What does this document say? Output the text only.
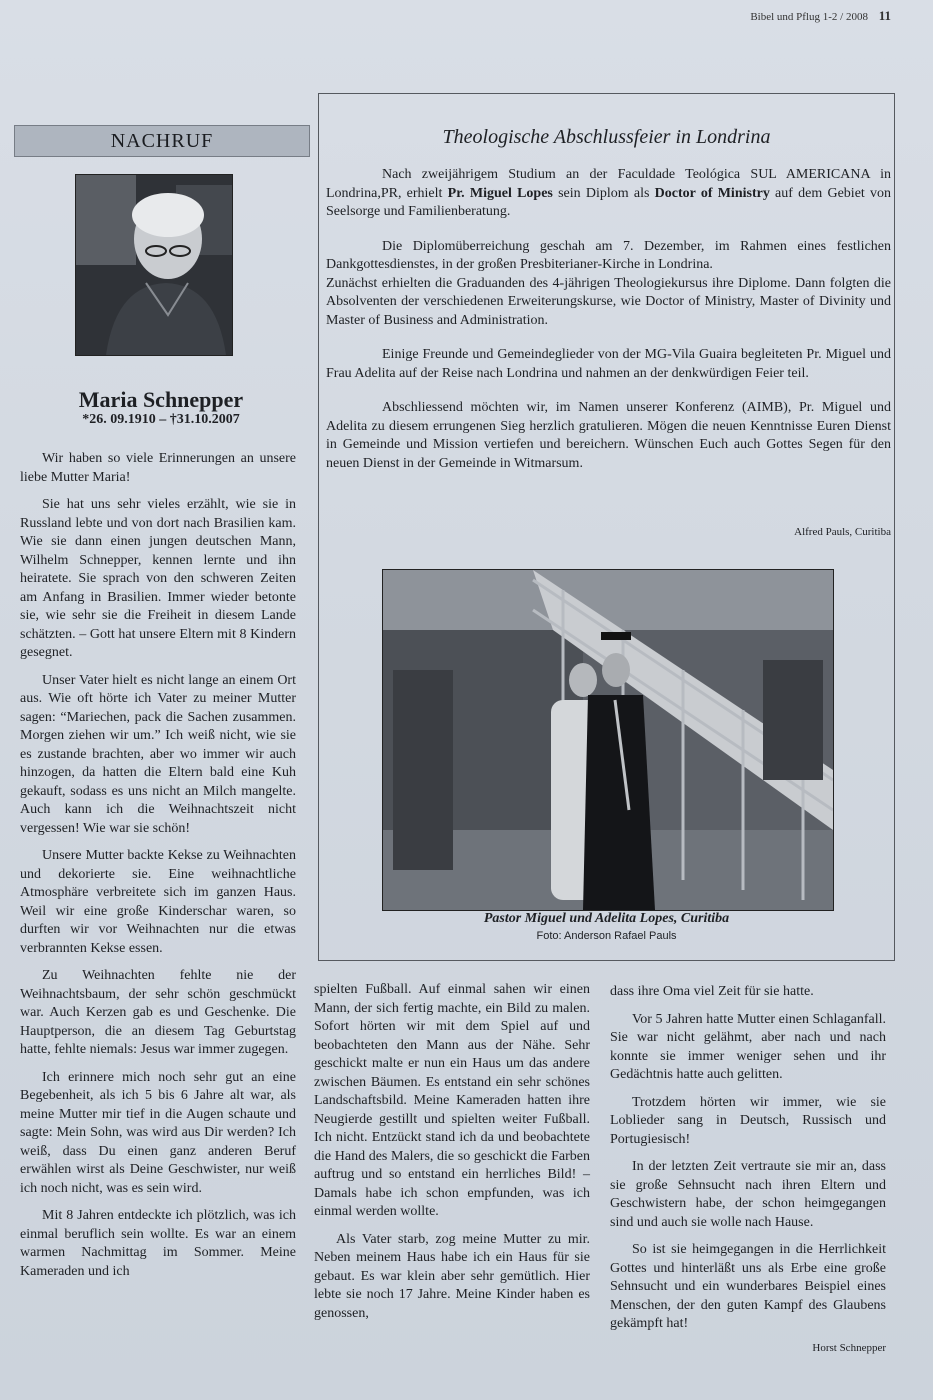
Bibel und Pflug 1-2 / 2008 11
NACHRUF
Maria Schnepper
*26. 09.1910 – †31.10.2007

Wir haben so viele Erinnerungen an unsere liebe Mutter Maria!

Sie hat uns sehr vieles erzählt, wie sie in Russland lebte und von dort nach Brasilien kam. Wie sie dann einen jungen deutschen Mann, Wilhelm Schnepper, kennen lernte und ihn heiratete. Sie sprach von den schweren Zeiten am Anfang in Brasilien. Immer wieder betonte sie, wie sehr sie die Freiheit in diesem Lande schätzten. – Gott hat unsere Eltern mit 8 Kindern gesegnet.

Unser Vater hielt es nicht lange an einem Ort aus. Wie oft hörte ich Vater zu meiner Mutter sagen: “Mariechen, pack die Sachen zusammen. Morgen ziehen wir um.” Ich weiß nicht, wie sie es zustande brachten, aber wo immer wir auch hinzogen, da hatten die Eltern bald eine Kuh gekauft, sodass es uns nicht an Milch mangelte. Auch kann ich die Weihnachtszeit nicht vergessen! Wie war sie schön!

Unsere Mutter backte Kekse zu Weihnachten und dekorierte sie. Eine weihnachtliche Atmosphäre verbreitete sich im ganzen Haus. Weil wir eine große Kinderschar waren, so durften wir vor Weihnachten nur die etwas verbrannten Kekse essen.

Zu Weihnachten fehlte nie der Weihnachtsbaum, der sehr schön geschmückt war. Auch Kerzen gab es und Geschenke. Die Hauptperson, die an diesem Tag Geburtstag hatte, fehlte niemals: Jesus war immer zugegen.

Ich erinnere mich noch sehr gut an eine Begebenheit, als ich 5 bis 6 Jahre alt war, als meine Mutter mir tief in die Augen schaute und sagte: Mein Sohn, was wird aus Dir werden? Ich weiß, dass Du einen ganz anderen Beruf erwählen wirst als Deine Geschwister, nur weiß ich noch nicht, was es sein wird.

Mit 8 Jahren entdeckte ich plötzlich, was ich einmal beruflich sein wollte. Es war an einem warmen Nachmittag im Sommer. Meine Kameraden und ich

spielten Fußball. Auf einmal sahen wir einen Mann, der sich fertig machte, ein Bild zu malen. Sofort hörten wir mit dem Spiel auf und beobachteten den Mann aus der Nähe. Sehr geschickt malte er nun ein Haus um das andere zwischen Bäumen. Es entstand ein sehr schönes Landschaftsbild. Meine Kameraden hatten ihre Neugierde gestillt und spielten weiter Fußball. Ich nicht. Entzückt stand ich da und beobachtete die Hand des Malers, die so geschickt die Farben auftrug und so entstand ein herrliches Bild! – Damals habe ich schon empfunden, was ich einmal werden wollte.

Als Vater starb, zog meine Mutter zu mir. Neben meinem Haus habe ich ein Haus für sie gebaut. Es war klein aber sehr gemütlich. Hier lebte sie noch 17 Jahre. Meine Kinder haben es genossen,

dass ihre Oma viel Zeit für sie hatte.

Vor 5 Jahren hatte Mutter einen Schlaganfall. Sie war nicht gelähmt, aber nach und nach konnte sie immer weniger sehen und ihr Gedächtnis hatte auch gelitten.

Trotzdem hörten wir immer, wie sie Loblieder sang in Deutsch, Russisch und Portugiesisch!

In der letzten Zeit vertraute sie mir an, dass sie große Sehnsucht nach ihren Eltern und Geschwistern habe, der schon heimgegangen sind und auch sie wolle nach Hause.

So ist sie heimgegangen in die Herrlichkeit Gottes und hinterläßt uns als Erbe eine große Sehnsucht und ein wunderbares Beispiel eines Menschen, der den guten Kampf des Glaubens gekämpft hat!

Horst Schnepper
Theologische Abschlussfeier in Londrina

Nach zweijährigem Studium an der Faculdade Teológica SUL AMERICANA in Londrina,PR, erhielt Pr. Miguel Lopes sein Diplom als Doctor of Ministry auf dem Gebiet von Seelsorge und Familienberatung.

Die Diplomüberreichung geschah am 7. Dezember, im Rahmen eines festlichen Dankgottesdienstes, in der großen Presbiterianer-Kirche in Londrina.

Zunächst erhielten die Graduanden des 4-jährigen Theologiekursus ihre Diplome. Dann folgten die Absolventen der verschiedenen Erweiterungskurse, wie Doctor of Ministry, Master of Divinity und Master of Business and Administration.

Einige Freunde und Gemeindeglieder von der MG-Vila Guaira begleiteten Pr. Miguel und Frau Adelita auf der Reise nach Londrina und nahmen an der denkwürdigen Feier teil.

Abschliessend möchten wir, im Namen unserer Konferenz (AIMB), Pr. Miguel und Adelita zu diesem errungenen Sieg herzlich gratulieren. Mögen die neuen Kenntnisse Euren Dienst in Gemeinde und Mission vertiefen und bereichern. Wünschen Euch auch Gottes Segen für den neuen Dienst in der Gemeinde in Witmarsum.

Alfred Pauls, Curitiba
Pastor Miguel und Adelita Lopes, Curitiba
Foto: Anderson Rafael Pauls
